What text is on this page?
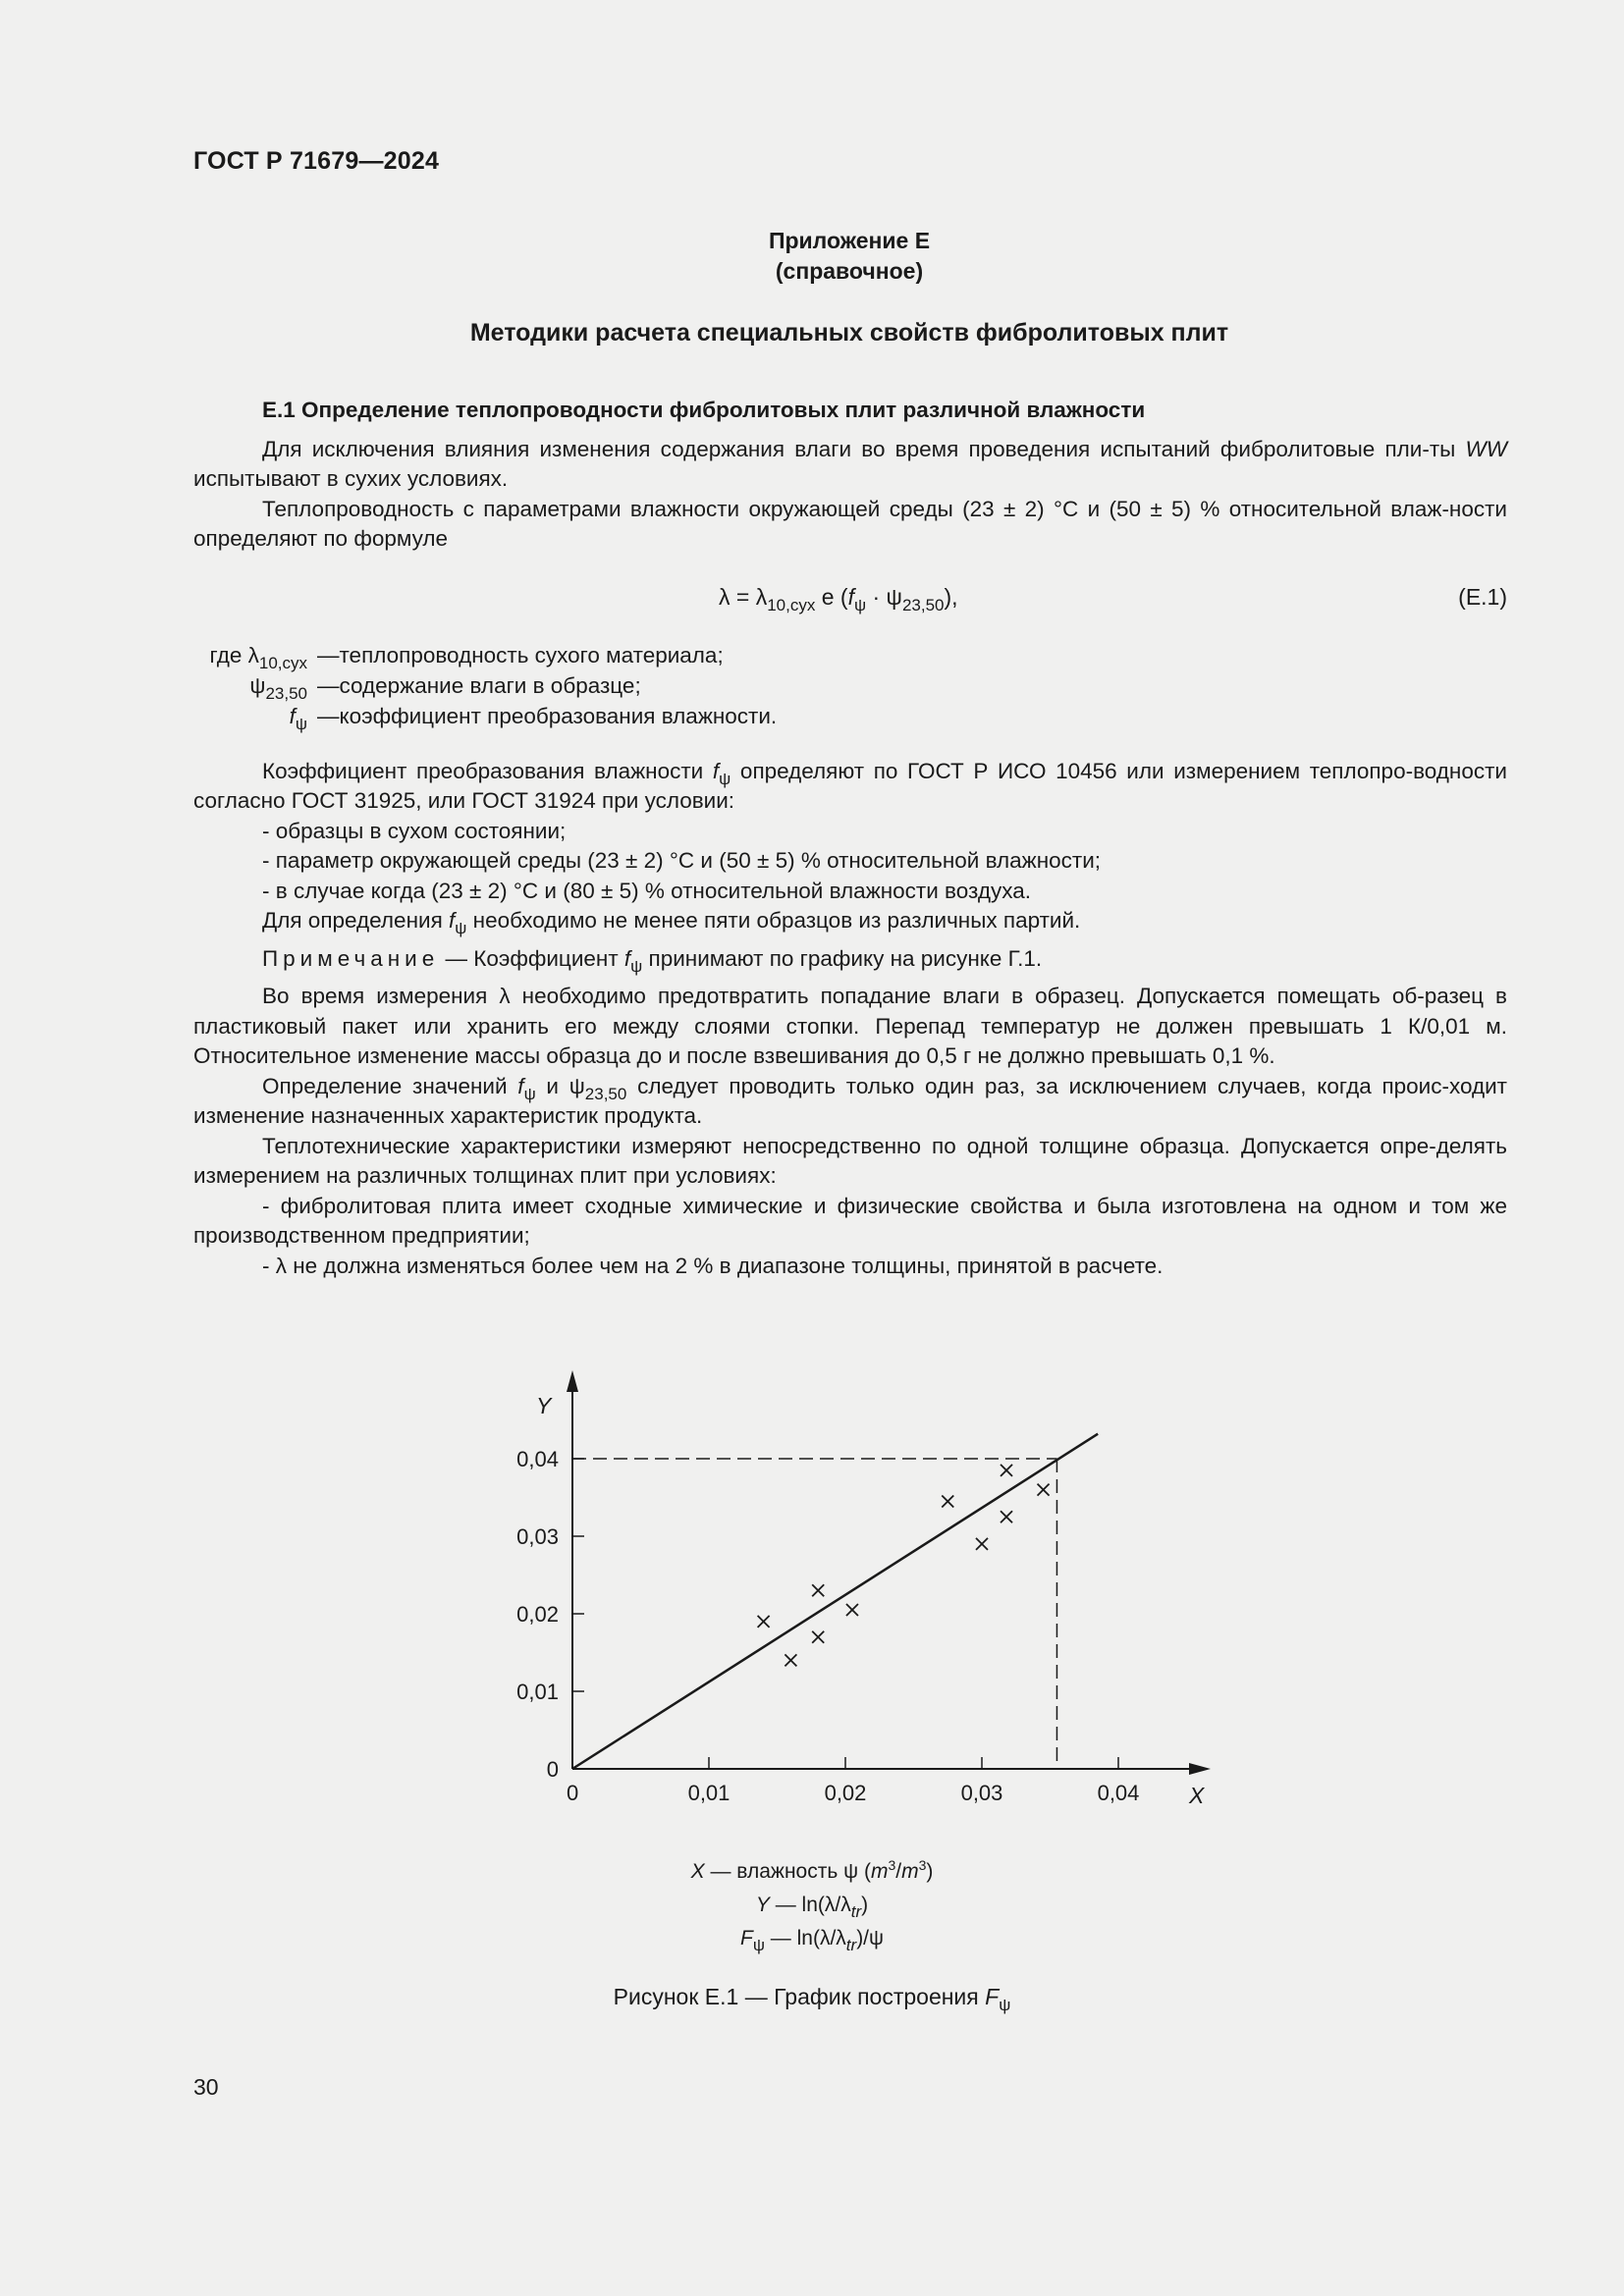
ГОСТ Р 71679—2024
Приложение Е
(справочное)
Методики расчета специальных свойств фибролитовых плит

Е.1 Определение теплопроводности фибролитовых плит различной влажности

Для исключения влияния изменения содержания влаги во время проведения испытаний фибролитовые пли-ты WW испытывают в сухих условиях.

Теплопроводность с параметрами влажности окружающей среды (23 ± 2) °С и (50 ± 5) % относительной влаж-ности определяют по формуле

$\lambda = \lambda_{10,сух}$ e $(f_\psi \cdot \psi_{23,50})$,	(Е.1)
где $\lambda_{10,сух}$ — теплопроводность сухого материала;
$\psi_{23,50}$ — содержание влаги в образце;
$f_\psi$ — коэффициент преобразования влажности.

Коэффициент преобразования влажности $f_\psi$ определяют по ГОСТ Р ИСО 10456 или измерением теплопро-водности согласно ГОСТ 31925, или ГОСТ 31924 при условии:

- образцы в сухом состоянии;

- параметр окружающей среды (23 ± 2) °С и (50 ± 5) % относительной влажности;

- в случае когда (23 ± 2) °С и (80 ± 5) % относительной влажности воздуха.

Для определения $f_\psi$ необходимо не менее пяти образцов из различных партий.

Примечание — Коэффициент $f_\psi$ принимают по графику на рисунке Г.1.

Во время измерения λ необходимо предотвратить попадание влаги в образец. Допускается помещать об-разец в пластиковый пакет или хранить его между слоями стопки. Перепад температур не должен превышать 1 К/0,01 м. Относительное изменение массы образца до и после взвешивания до 0,5 г не должно превышать 0,1 %.

Определение значений $f_\psi$ и $\psi_{23,50}$ следует проводить только один раз, за исключением случаев, когда проис-ходит изменение назначенных характеристик продукта.

Теплотехнические характеристики измеряют непосредственно по одной толщине образца. Допускается опре-делять измерением на различных толщинах плит при условиях:

- фибролитовая плита имеет сходные химические и физические свойства и была изготовлена на одном и том же производственном предприятии;

- λ не должна изменяться более чем на 2 % в диапазоне толщины, принятой в расчете.

X
Y
0	0,01	0,02	0,03	0,04
0
0,01
0,02
0,03
0,04
X — влажность ψ $(m^3/m^3)$
Y — $\ln(\lambda/\lambda_{tr})$
$F_\psi$ — $\ln(\lambda/\lambda_{tr})/\psi$
Рисунок Е.1 — График построения $F_\psi$
30
